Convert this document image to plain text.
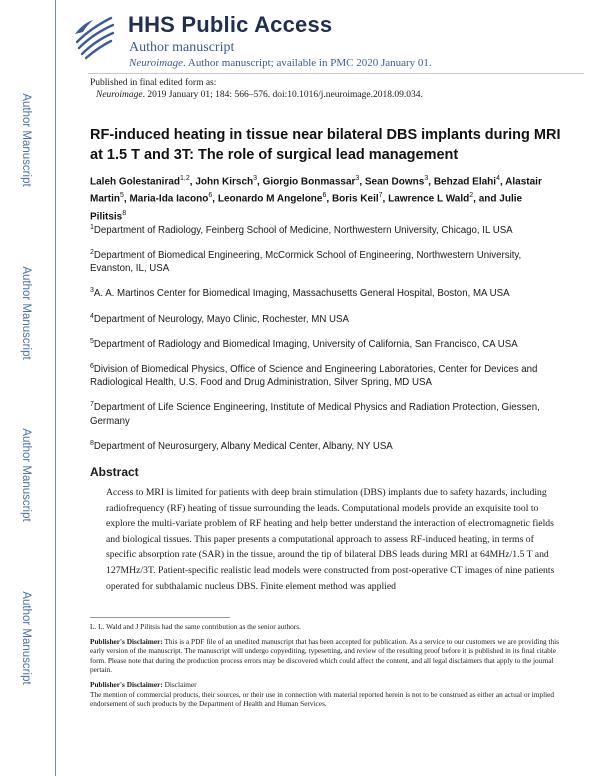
Author Manuscript
Author Manuscript
Author Manuscript
Author Manuscript
HHS Public Access
Author manuscript
Neuroimage. Author manuscript; available in PMC 2020 January 01.
Published in final edited form as:
Neuroimage. 2019 January 01; 184: 566–576. doi:10.1016/j.neuroimage.2018.09.034.
RF-induced heating in tissue near bilateral DBS implants during MRI at 1.5 T and 3T: The role of surgical lead management
Laleh Golestanirad$^{1,2}$, John Kirsch$^3$, Giorgio Bonmassar$^3$, Sean Downs$^3$, Behzad Elahi$^4$, Alastair Martin$^5$, Maria-Ida Iacono$^6$, Leonardo M Angelone$^6$, Boris Keil$^7$, Lawrence L Wald$^2$, and Julie Pilitsis$^8$

$^1$Department of Radiology, Feinberg School of Medicine, Northwestern University, Chicago, IL USA

$^2$Department of Biomedical Engineering, McCormick School of Engineering, Northwestern University, Evanston, IL, USA

$^3$A. A. Martinos Center for Biomedical Imaging, Massachusetts General Hospital, Boston, MA USA

$^4$Department of Neurology, Mayo Clinic, Rochester, MN USA

$^5$Department of Radiology and Biomedical Imaging, University of California, San Francisco, CA USA

$^6$Division of Biomedical Physics, Office of Science and Engineering Laboratories, Center for Devices and Radiological Health, U.S. Food and Drug Administration, Silver Spring, MD USA

$^7$Department of Life Science Engineering, Institute of Medical Physics and Radiation Protection, Giessen, Germany

$^8$Department of Neurosurgery, Albany Medical Center, Albany, NY USA

Abstract

Access to MRI is limited for patients with deep brain stimulation (DBS) implants due to safety hazards, including radiofrequency (RF) heating of tissue surrounding the leads. Computational models provide an exquisite tool to explore the multi-variate problem of RF heating and help better understand the interaction of electromagnetic fields and biological tissues. This paper presents a computational approach to assess RF-induced heating, in terms of specific absorption rate (SAR) in the tissue, around the tip of bilateral DBS leads during MRI at 64MHz/1.5 T and 127MHz/3T. Patient-specific realistic lead models were constructed from post-operative CT images of nine patients operated for subthalamic nucleus DBS. Finite element method was applied

L. L. Wald and J Pilitsis had the same contribution as the senior authors.

Publisher's Disclaimer: This is a PDF file of an unedited manuscript that has been accepted for publication. As a service to our customers we are providing this early version of the manuscript. The manuscript will undergo copyediting, typesetting, and review of the resulting proof before it is published in its final citable form. Please note that during the production process errors may be discovered which could affect the content, and all legal disclaimers that apply to the journal pertain.

Publisher's Disclaimer: Disclaimer
The mention of commercial products, their sources, or their use in connection with material reported herein is not to be construed as either an actual or implied endorsement of such products by the Department of Health and Human Services.
